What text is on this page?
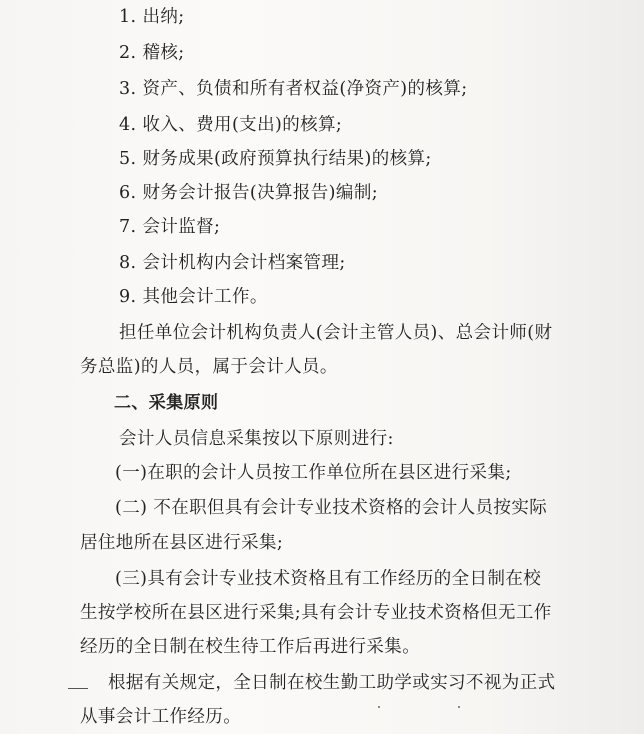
1. 出纳;
2. 稽核;
3. 资产、负债和所有者权益(净资产)的核算;
4. 收入、费用(支出)的核算;
5. 财务成果(政府预算执行结果)的核算;
6. 财务会计报告(决算报告)编制;
7. 会计监督;
8. 会计机构内会计档案管理;
9. 其他会计工作。
担任单位会计机构负责人(会计主管人员)、总会计师(财
务总监)的人员，属于会计人员。
二、采集原则
会计人员信息采集按以下原则进行:
(一)在职的会计人员按工作单位所在县区进行采集;
(二) 不在职但具有会计专业技术资格的会计人员按实际
居住地所在县区进行采集;
(三)具有会计专业技术资格且有工作经历的全日制在校
生按学校所在县区进行采集;具有会计专业技术资格但无工作
经历的全日制在校生待工作后再进行采集。
根据有关规定，全日制在校生勤工助学或实习不视为正式
从事会计工作经历。
